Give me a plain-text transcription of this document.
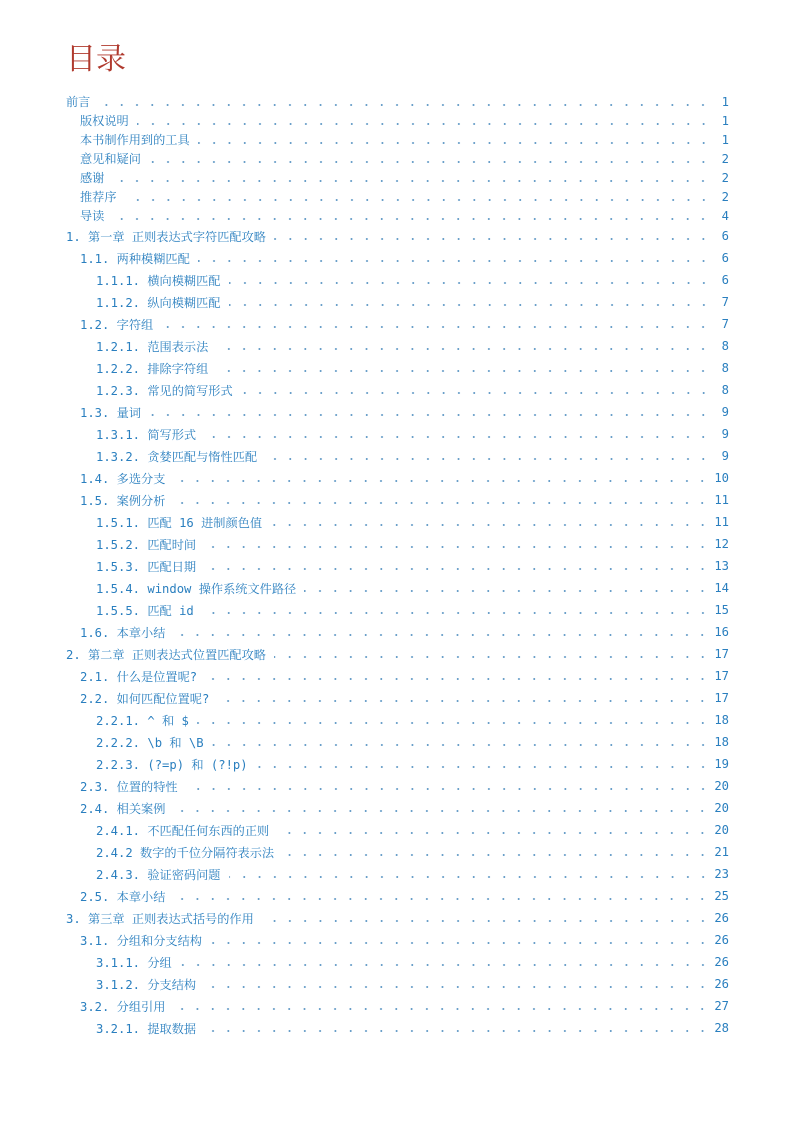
目录
前言	1
版权说明	1
本书制作用到的工具	1
意见和疑问	2
感谢	2
推荐序	2
导读	4
1. 第一章 正则表达式字符匹配攻略	6
1.1. 两种模糊匹配	6
1.1.1. 横向模糊匹配	6
1.1.2. 纵向模糊匹配	7
1.2. 字符组	7
1.2.1. 范围表示法	8
1.2.2. 排除字符组	8
1.2.3. 常见的简写形式	8
1.3. 量词	9
1.3.1. 简写形式	9
1.3.2. 贪婪匹配与惰性匹配	9
1.4. 多选分支	10
1.5. 案例分析	11
1.5.1. 匹配 16 进制颜色值	11
1.5.2. 匹配时间	12
1.5.3. 匹配日期	13
1.5.4. window 操作系统文件路径	14
1.5.5. 匹配 id	15
1.6. 本章小结	16
2. 第二章 正则表达式位置匹配攻略	17
2.1. 什么是位置呢?	17
2.2. 如何匹配位置呢?	17
2.2.1. ^ 和 $	18
2.2.2. \b 和 \B	18
2.2.3. (?=p) 和 (?!p)	19
2.3. 位置的特性	20
2.4. 相关案例	20
2.4.1. 不匹配任何东西的正则	20
2.4.2 数字的千位分隔符表示法	21
2.4.3. 验证密码问题	23
2.5. 本章小结	25
3. 第三章 正则表达式括号的作用	26
3.1. 分组和分支结构	26
3.1.1. 分组	26
3.1.2. 分支结构	26
3.2. 分组引用	27
3.2.1. 提取数据	28
